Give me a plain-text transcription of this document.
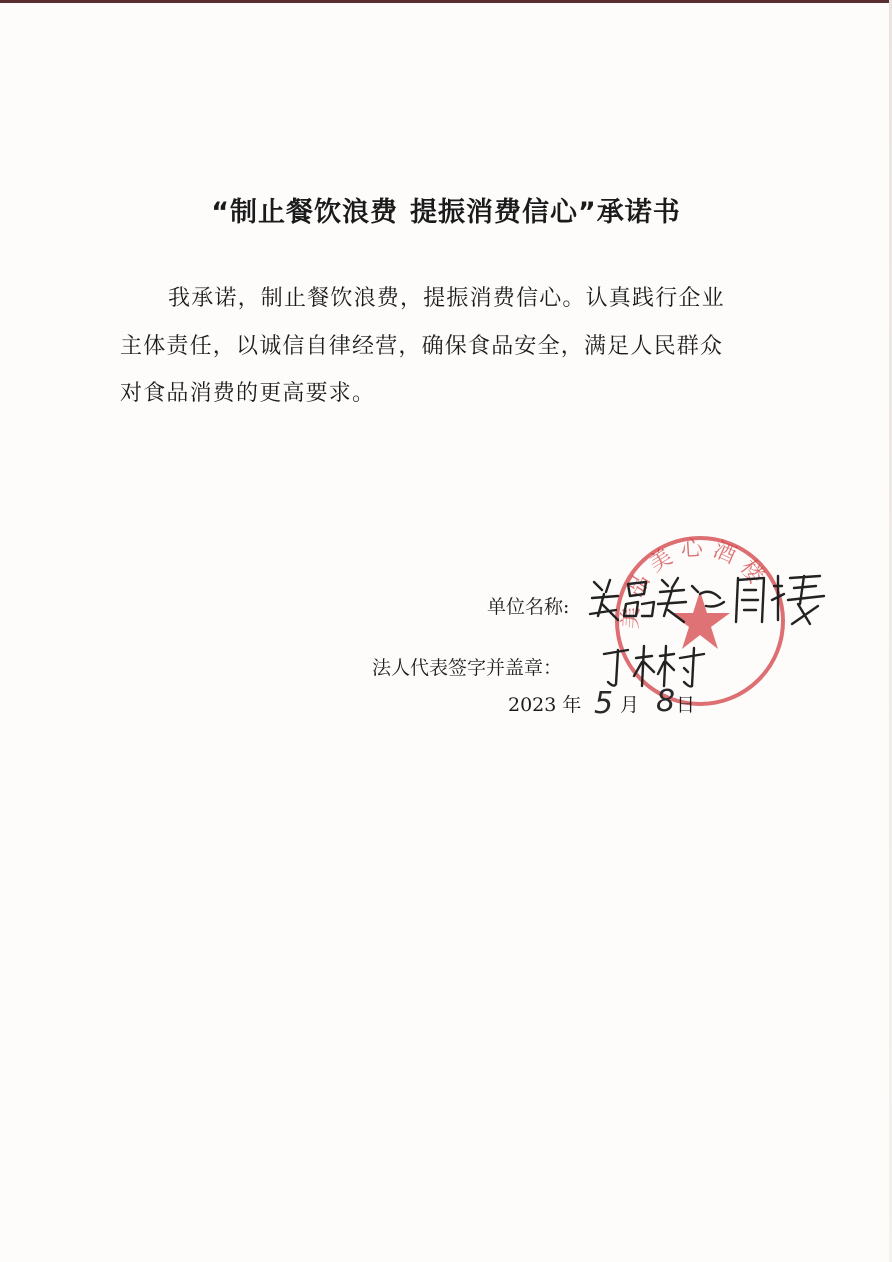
“制止餐饮浪费 提振消费信心”承诺书

我承诺，制止餐饮浪费，提振消费信心。认真践行企业

主体责任，以诚信自律经营，确保食品安全，满足人民群众

对食品消费的更高要求。

美品美心酒楼
单位名称:
法人代表签字并盖章：
2023 年 5 月 8 日
